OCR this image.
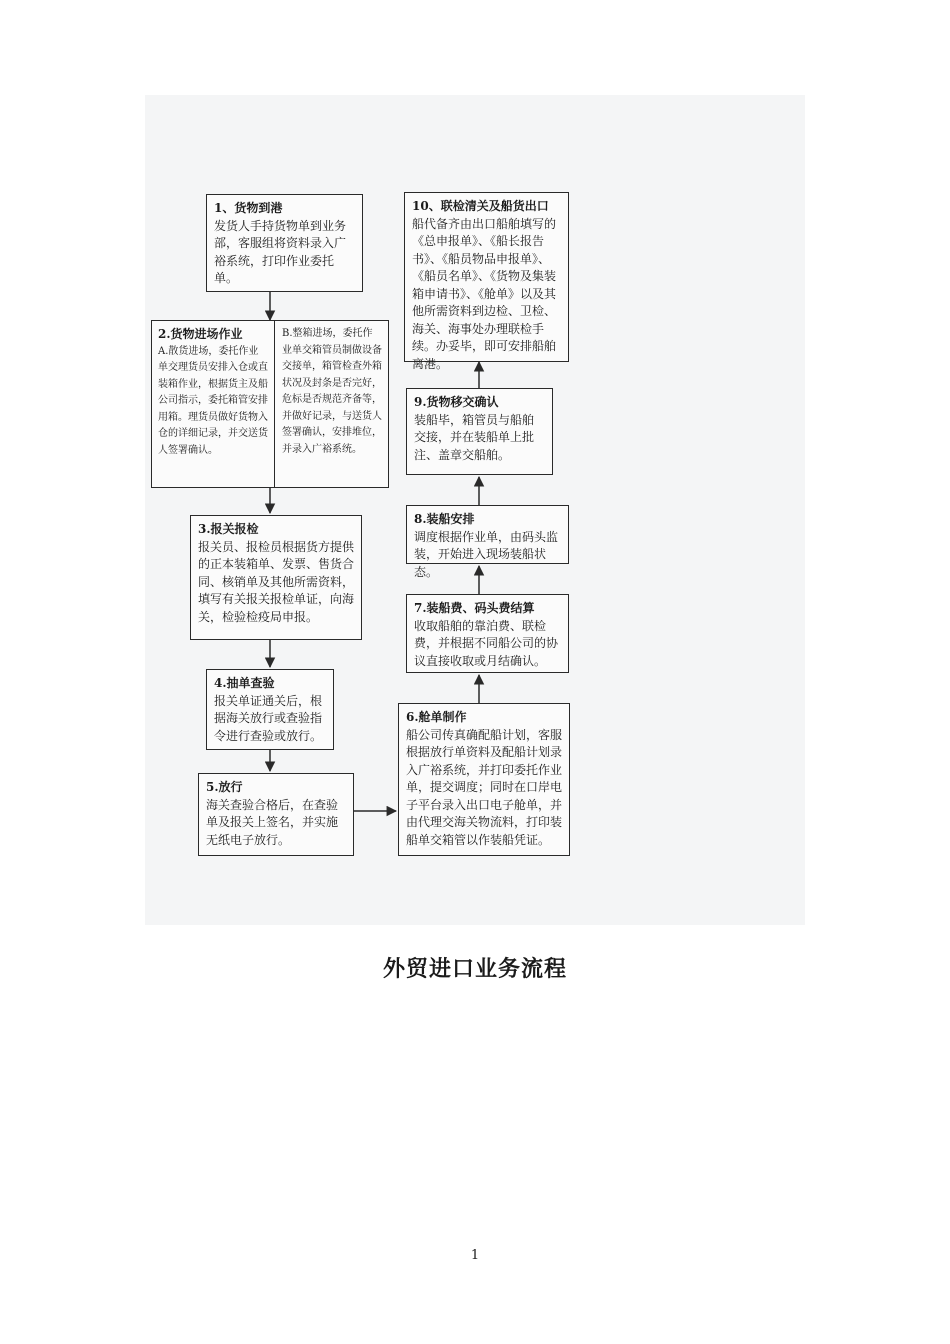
1、货物到港
发货人手持货物单到业务部，客服组将资料录入广裕系统，打印作业委托单。
2.货物进场作业
A.散货进场，委托作业单交理货员安排入仓或直装箱作业，根据货主及船公司指示，委托箱管安排用箱。理货员做好货物入仓的详细记录，并交送货人签署确认。
B.整箱进场，委托作业单交箱管员制做设备交接单，箱管检查外箱状况及封条是否完好，危标是否规范齐备等，并做好记录，与送货人签署确认，安排堆位，并录入广裕系统。
3.报关报检
报关员、报检员根据货方提供的正本装箱单、发票、售货合同、核销单及其他所需资料，填写有关报关报检单证，向海关，检验检疫局申报。
4.抽单查验
报关单证通关后，根据海关放行或查验指令进行查验或放行。
5.放行
海关查验合格后，在查验单及报关上签名，并实施无纸电子放行。
6.舱单制作
船公司传真确配船计划，客服根据放行单资料及配船计划录入广裕系统，并打印委托作业单，提交调度；同时在口岸电子平台录入出口电子舱单，并由代理交海关物流料，打印装船单交箱管以作装船凭证。
7.装船费、码头费结算
收取船舶的靠泊费、联检费，并根据不同船公司的协议直接收取或月结确认。
8.装船安排
调度根据作业单，由码头监装，开始进入现场装船状态。
9.货物移交确认
装船毕，箱管员与船舶交接，并在装船单上批注、盖章交船舶。
10、联检清关及船货出口
船代备齐由出口船舶填写的《总申报单》、《船长报告书》、《船员物品申报单》、《船员名单》、《货物及集装箱申请书》、《舱单》以及其他所需资料到边检、卫检、海关、海事处办理联检手续。办妥毕，即可安排船舶离港。
外贸进口业务流程
1
